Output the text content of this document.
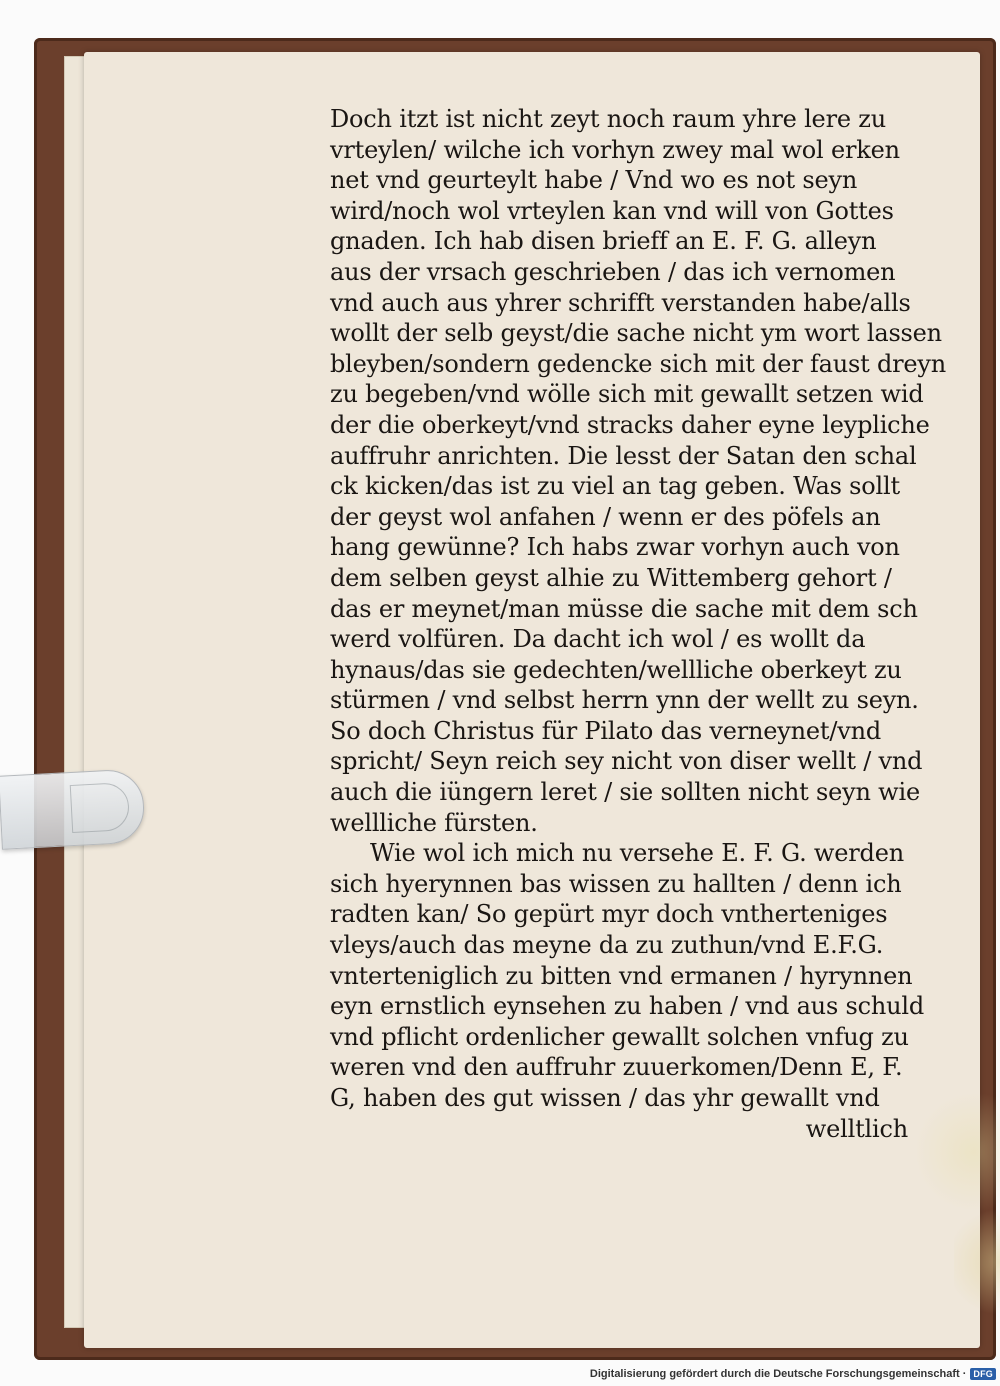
Doch itzt ist nicht zeyt noch raum yhre lere zu
vrteylen/ wilche ich vorhyn zwey mal wol erken
net vnd geurteylt habe / Vnd wo es not seyn
wird/noch wol vrteylen kan vnd will von Gottes
gnaden. Ich hab disen brieff an E. F. G. alleyn
aus der vrsach geschrieben / das ich vernomen
vnd auch aus yhrer schrifft verstanden habe/alls
wollt der selb geyst/die sache nicht ym wort lassen
bleyben/sondern gedencke sich mit der faust dreyn
zu begeben/vnd wölle sich mit gewallt setzen wid
der die oberkeyt/vnd stracks daher eyne leypliche
auffruhr anrichten. Die lesst der Satan den schal
ck kicken/das ist zu viel an tag geben. Was sollt
der geyst wol anfahen / wenn er des pöfels an
hang gewünne? Ich habs zwar vorhyn auch von
dem selben geyst alhie zu Wittemberg gehort /
das er meynet/man müsse die sache mit dem sch
werd volfüren. Da dacht ich wol / es wollt da
hynaus/das sie gedechten/wellliche oberkeyt zu
stürmen / vnd selbst herrn ynn der wellt zu seyn.
So doch Christus für Pilato das verneynet/vnd
spricht/ Seyn reich sey nicht von diser wellt / vnd
auch die iüngern leret / sie sollten nicht seyn wie
wellliche fürsten.
Wie wol ich mich nu versehe E. F. G. werden
sich hyerynnen bas wissen zu hallten / denn ich
radten kan/ So gepürt myr doch vntherteniges
vleys/auch das meyne da zu zuthun/vnd E.F.G.
vnterteniglich zu bitten vnd ermanen / hyrynnen
eyn ernstlich eynsehen zu haben / vnd aus schuld
vnd pflicht ordenlicher gewallt solchen vnfug zu
weren vnd den auffruhr zuuerkomen/Denn E, F.
G, haben des gut wissen / das yhr gewallt vnd
welltlich
Digitalisierung gefördert durch die Deutsche Forschungsgemeinschaft · DFG
